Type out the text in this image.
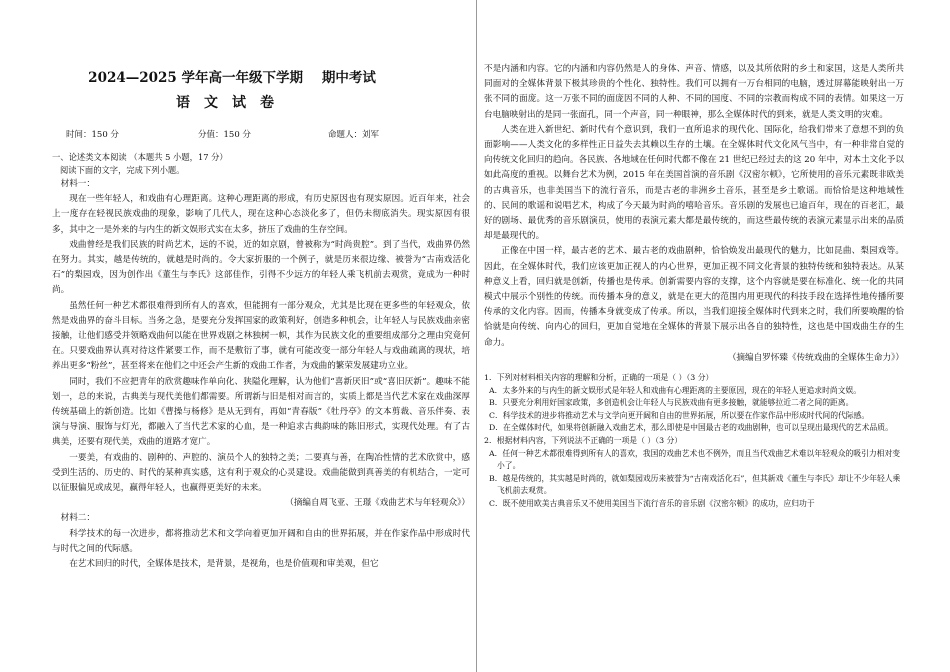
2024—2025 学年高一年级下学期    期中考试
语文试卷
时间：150 分	分值：150 分	命题人：刘军
一、论述类文本阅读 （本题共 5 小题，17 分）
阅读下面的文字，完成下列小题。

材料一：

现在一些年轻人，和戏曲有心理距离。这种心理距离的形成，有历史原因也有现实原因。近百年来，社会上一度存在轻视民族戏曲的现象，影响了几代人，现在这种心态淡化多了，但仍未彻底消失。现实原因有很多，其中之一是外来的与内生的新文娱形式实在太多，挤压了戏曲的生存空间。

戏曲曾经是我们民族的时尚艺术，远的不说，近的如京剧，曾被称为“时尚贵腔”。到了当代，戏曲界仍然在努力。其实，越是传统的，就越是时尚的。令大家折服的一个例子，就是历来很边缘、被誉为“古南戏活化石”的梨园戏，因为创作出《董生与李氏》这部佳作，引得不少远方的年轻人乘飞机前去观赏，竟成为一种时尚。

虽然任何一种艺术都很难得到所有人的喜欢，但能拥有一部分观众，尤其是比现在更多些的年轻观众，依然是戏曲界的奋斗目标。当务之急，是要充分发挥国家的政策利好，创造多种机会，让年轻人与民族戏曲亲密接触，让他们感受并领略戏曲何以能在世界戏剧之林独树一帜，其作为民族文化的重要组成部分之理由究竟何在。只要戏曲界认真对待这件紧要工作，而不是敷衍了事，就有可能改变一部分年轻人与戏曲疏离的现状，培养出更多“粉丝”，甚至将来在他们之中还会产生新的戏曲工作者，为戏曲的繁荣发展建功立业。

同时，我们不应把青年的欣赏趣味作单向化、狭隘化理解，认为他们“喜新厌旧”或“喜旧厌新”。趣味不能划一，总的来说，古典美与现代美他们都需要。所谓新与旧是相对而言的，实质上都是当代艺术家在戏曲深厚传统基础上的新创造。比如《曹操与杨修》是从无到有，再如“青春版”《牡丹亭》的文本剪裁、音乐伴奏、表演与导演、服饰与灯光，都融入了当代艺术家的心血，是一种追求古典韵味的陈旧形式，实现代处理。有了古典美，还要有现代美，戏曲的道路才宽广。

一要美，有戏曲的、剧种的、声腔的、演员个人的独特之美；二要真与善，在陶冶性情的艺术欣赏中，感受到生活的、历史的、时代的某种真实感，这有利于观众的心灵建设。戏曲能做到真善美的有机结合，一定可以征服偏见或成见，赢得年轻人，也赢得更美好的未来。

（摘编自周飞亚、王璟《戏曲艺术与年轻观众》）

材料二：

科学技术的每一次进步，都将推动艺术和文学向着更加开阔和自由的世界拓展，并在作家作品中形成时代与时代之间的代际感。

在艺术回归的时代，全媒体是技术，是背景，是视角，也是价值观和审美观，但它

不是内涵和内容。它的内涵和内容仍然是人的身体、声音、情感，以及其所依附的乡土和家国，这是人类所共同面对的全媒体背景下极其珍贵的个性化、独特性。我们可以拥有一万台相同的电脑，透过屏幕能映射出一万张不同的面庞。这一万张不同的面庞因不同的人种、不同的国度、不同的宗教而构成不同的表情。如果这一万台电脑映射出的是同一张面孔，同一个声音，同一种眼神，那么全媒体时代的到来，就是人类文明的灾难。

人类在进入新世纪、新时代有个意识到，我们一直所追求的现代化、国际化，给我们带来了意想不到的负面影响——人类文化的多样性正日益失去其赖以生存的土壤。在全媒体时代文化风气当中，有一种非常自觉的向传统文化回归的趋向。各民族、各地域在任何时代都不像在 21 世纪已经过去的这 20 年中，对本土文化予以如此高度的重视。以舞台艺术为例，2015 年在美国首演的音乐剧《汉密尔顿》，它所使用的音乐元素既非欧美的古典音乐，也非美国当下的流行音乐，而是古老的非洲乡土音乐，甚至是乡土歌谣。而恰恰是这种地域性的、民间的歌谣和说唱艺术，构成了今天最为时尚的嘻哈音乐。音乐剧的发展也已逾百年，现在的百老汇，最好的剧场、最优秀的音乐剧演员，使用的表演元素大都是最传统的，而这些最传统的表演元素显示出来的品质却是最现代的。

正像在中国一样，最古老的艺术、最古老的戏曲剧种，恰恰焕发出最现代的魅力，比如昆曲、梨园戏等。因此，在全媒体时代，我们应该更加正视人的内心世界，更加正视不同文化背景的独特传统和独特表达。从某种意义上看，回归就是创新，传播也是传承。创新需要内容的支撑，这个内容就是要在标准化、统一化的共同模式中展示个别性的传统。而传播本身的意义，就是在更大的范围内用更现代的科技手段在选择性地传播所要传承的文化内容。因而，传播本身就变成了传承。所以，当我们迎接全媒体时代到来之时，我们所要唤醒的恰恰就是向传统、向内心的回归，更加自觉地在全媒体的背景下展示出各自的独特性，这也是中国戏曲生存的生命力。

（摘编自罗怀臻《传统戏曲的全媒体生命力》）

1．下列对材料相关内容的理解和分析，正确的一项是（ ）（3 分）

A．太多外来的与内生的新文娱形式是年轻人和戏曲有心理距离的主要原因，现在的年轻人更追求时尚文娱。

B．只要充分利用好国家政策，多创造机会让年轻人与民族戏曲有更多接触，就能够拉近二者之间的距离。

C．科学技术的进步将推动艺术与文学向更开阔和自由的世界拓展，所以要在作家作品中形成时代间的代际感。

D．在全媒体时代，如果将创新融入戏曲艺术，那么即使是中国最古老的戏曲剧种，也可以呈现出最现代的艺术品质。

2．根据材料内容，下列说法不正确的一项是（ ）（3 分）

A．任何一种艺术都很难得到所有人的喜欢，我国的戏曲艺术也不例外，而且当代戏曲艺术难以年轻观众的吸引力相对变小了。

B．越是传统的，其实越是时尚的，就如梨园戏历来被誉为“古南戏活化石”，但其新戏《董生与李氏》却让不少年轻人乘飞机前去观赏。

C．既不使用欧美古典音乐又不使用美国当下流行音乐的音乐剧《汉密尔顿》的成功，应归功于
